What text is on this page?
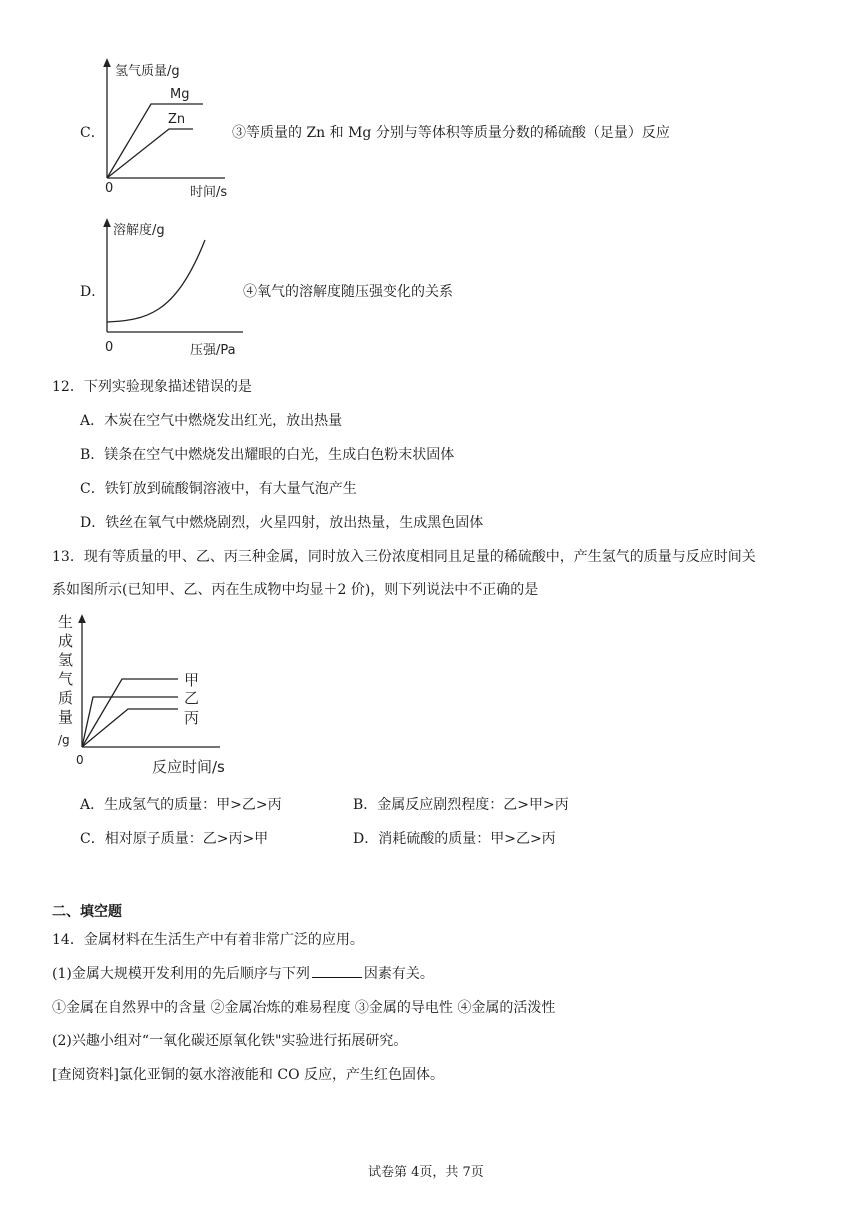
C．
氢气质量/g
0	时间/s
Mg
Zn
③等质量的 Zn 和 Mg 分别与等体积等质量分数的稀硫酸（足量）反应
D．
溶解度/g
0	压强/Pa
④氧气的溶解度随压强变化的关系
12．下列实验现象描述错误的是
A．木炭在空气中燃烧发出红光，放出热量
B．镁条在空气中燃烧发出耀眼的白光，生成白色粉末状固体
C．铁钉放到硫酸铜溶液中，有大量气泡产生
D．铁丝在氧气中燃烧剧烈，火星四射，放出热量，生成黑色固体
13．现有等质量的甲、乙、丙三种金属，同时放入三份浓度相同且足量的稀硫酸中，产生氢气的质量与反应时间关
系如图所示(已知甲、乙、丙在生成物中均显＋2 价)，则下列说法中不正确的是
生
成
氢
气
质
量
/g
0	反应时间/s
甲
乙
丙
A．生成氢气的质量：甲>乙>丙	B．金属反应剧烈程度：乙>甲>丙
C．相对原子质量：乙>丙>甲	D．消耗硫酸的质量：甲>乙>丙
二、填空题
14．金属材料在生活生产中有着非常广泛的应用。
(1)金属大规模开发利用的先后顺序与下列	因素有关。
①金属在自然界中的含量 ②金属冶炼的难易程度 ③金属的导电性 ④金属的活泼性
(2)兴趣小组对“一氧化碳还原氧化铁"实验进行拓展研究。
[查阅资料]氯化亚铜的氨水溶液能和 CO 反应，产生红色固体。
试卷第 4页，共 7页
